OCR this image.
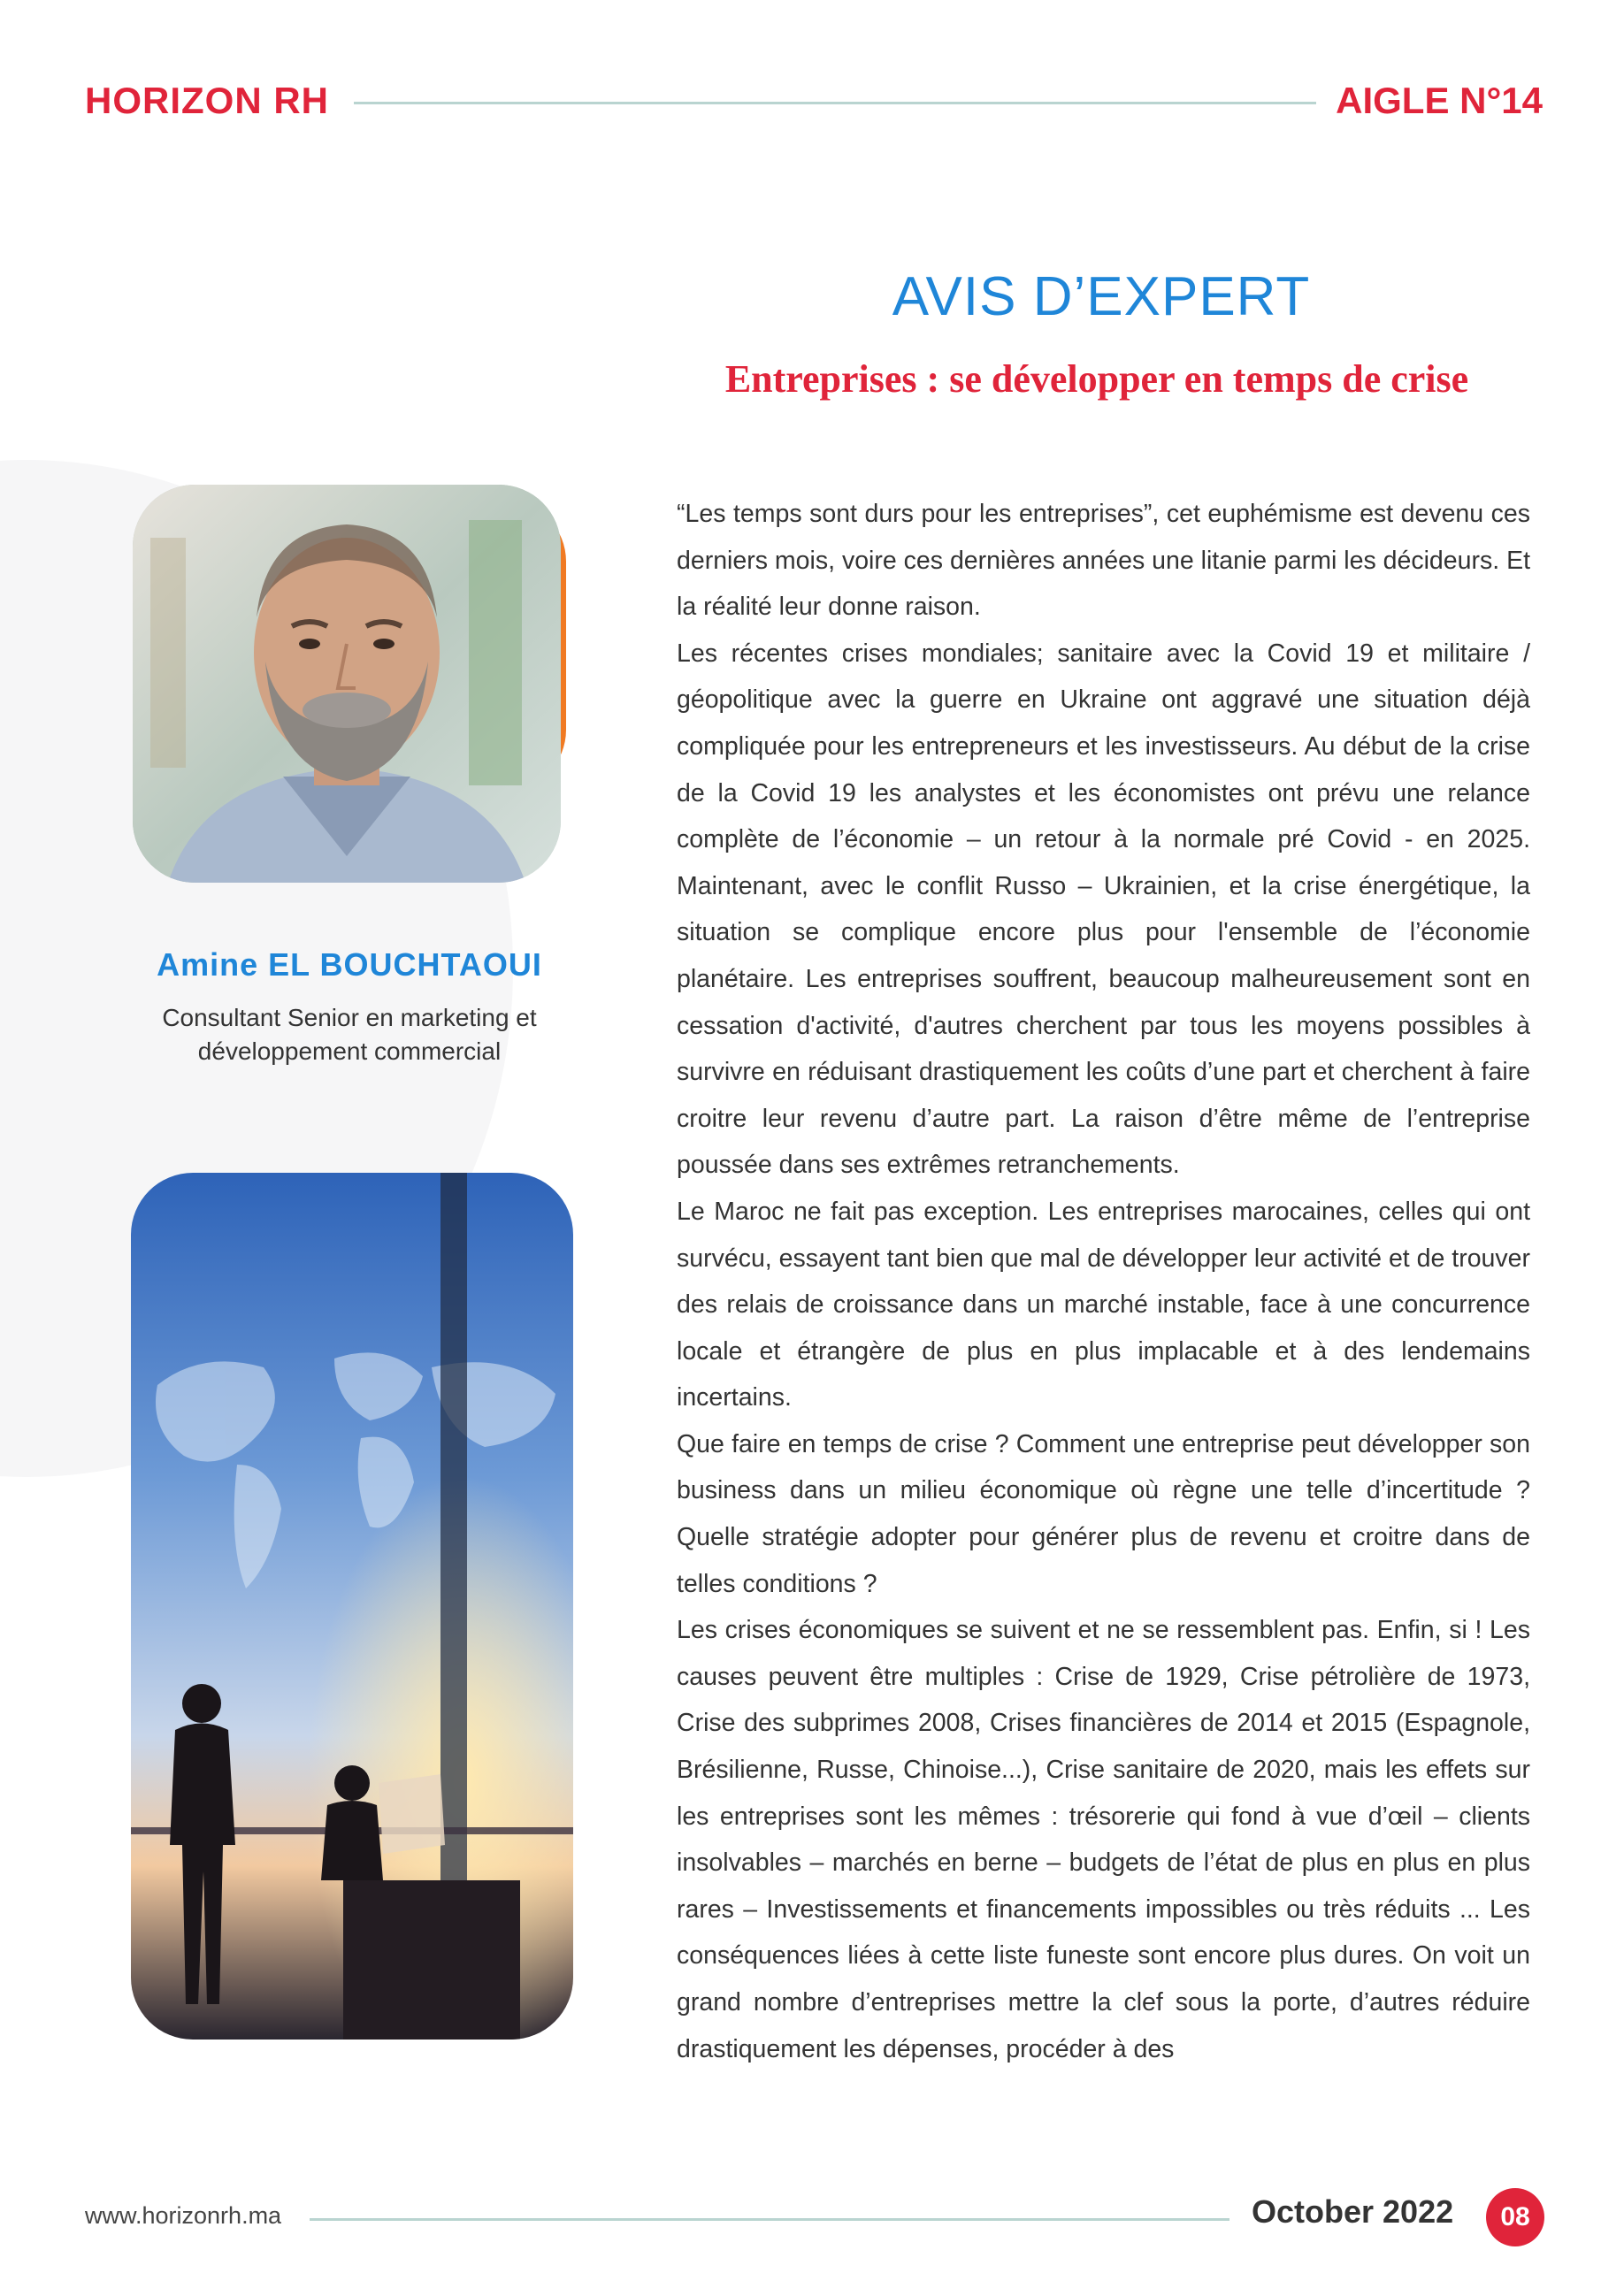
HORIZON RH	AIGLE N°14
AVIS D’EXPERT
Entreprises : se développer en temps de crise
Amine EL BOUCHTAOUI
Consultant Senior en marketing et développement commercial

“Les temps sont durs pour les entreprises”, cet euphémisme est devenu ces derniers mois, voire ces dernières années une litanie parmi les décideurs. Et la réalité leur donne raison.

Les récentes crises mondiales; sanitaire avec la Covid 19 et militaire / géopolitique avec la guerre en Ukraine ont aggravé une situation déjà compliquée pour les entrepreneurs et les investisseurs. Au début de la crise de la Covid 19 les analystes et les économistes ont prévu une relance complète de l’économie – un retour à la normale pré Covid - en 2025. Maintenant, avec le conflit Russo – Ukrainien, et la crise énergétique, la situation se complique encore plus pour l'ensemble de l’économie planétaire. Les entreprises souffrent, beaucoup malheureusement sont en cessation d'activité, d'autres cherchent par tous les moyens possibles à survivre en réduisant drastiquement les coûts d’une part et cherchent à faire croitre leur revenu d’autre part. La raison d’être même de l’entreprise poussée dans ses extrêmes retranchements.

Le Maroc ne fait pas exception. Les entreprises marocaines, celles qui ont survécu, essayent tant bien que mal de développer leur activité et de trouver des relais de croissance dans un marché instable, face à une concurrence locale et étrangère de plus en plus implacable et à des lendemains incertains.

Que faire en temps de crise ? Comment une entreprise peut développer son business dans un milieu économique où règne une telle d’incertitude ? Quelle stratégie adopter pour générer plus de revenu et croitre dans de telles conditions ?

Les crises économiques se suivent et ne se ressemblent pas. Enfin, si ! Les causes peuvent être multiples : Crise de 1929, Crise pétrolière de 1973, Crise des subprimes 2008, Crises financières de 2014 et 2015 (Espagnole, Brésilienne, Russe, Chinoise...), Crise sanitaire de 2020, mais les effets sur les entreprises sont les mêmes : trésorerie qui fond à vue d’œil – clients insolvables – marchés en berne – budgets de l’état de plus en plus en plus rares – Investissements et financements impossibles ou très réduits ... Les conséquences liées à cette liste funeste sont encore plus dures. On voit un grand nombre d’entreprises mettre la clef sous la porte, d’autres réduire drastiquement les dépenses, procéder à des

www.horizonrh.ma	October 2022	08
